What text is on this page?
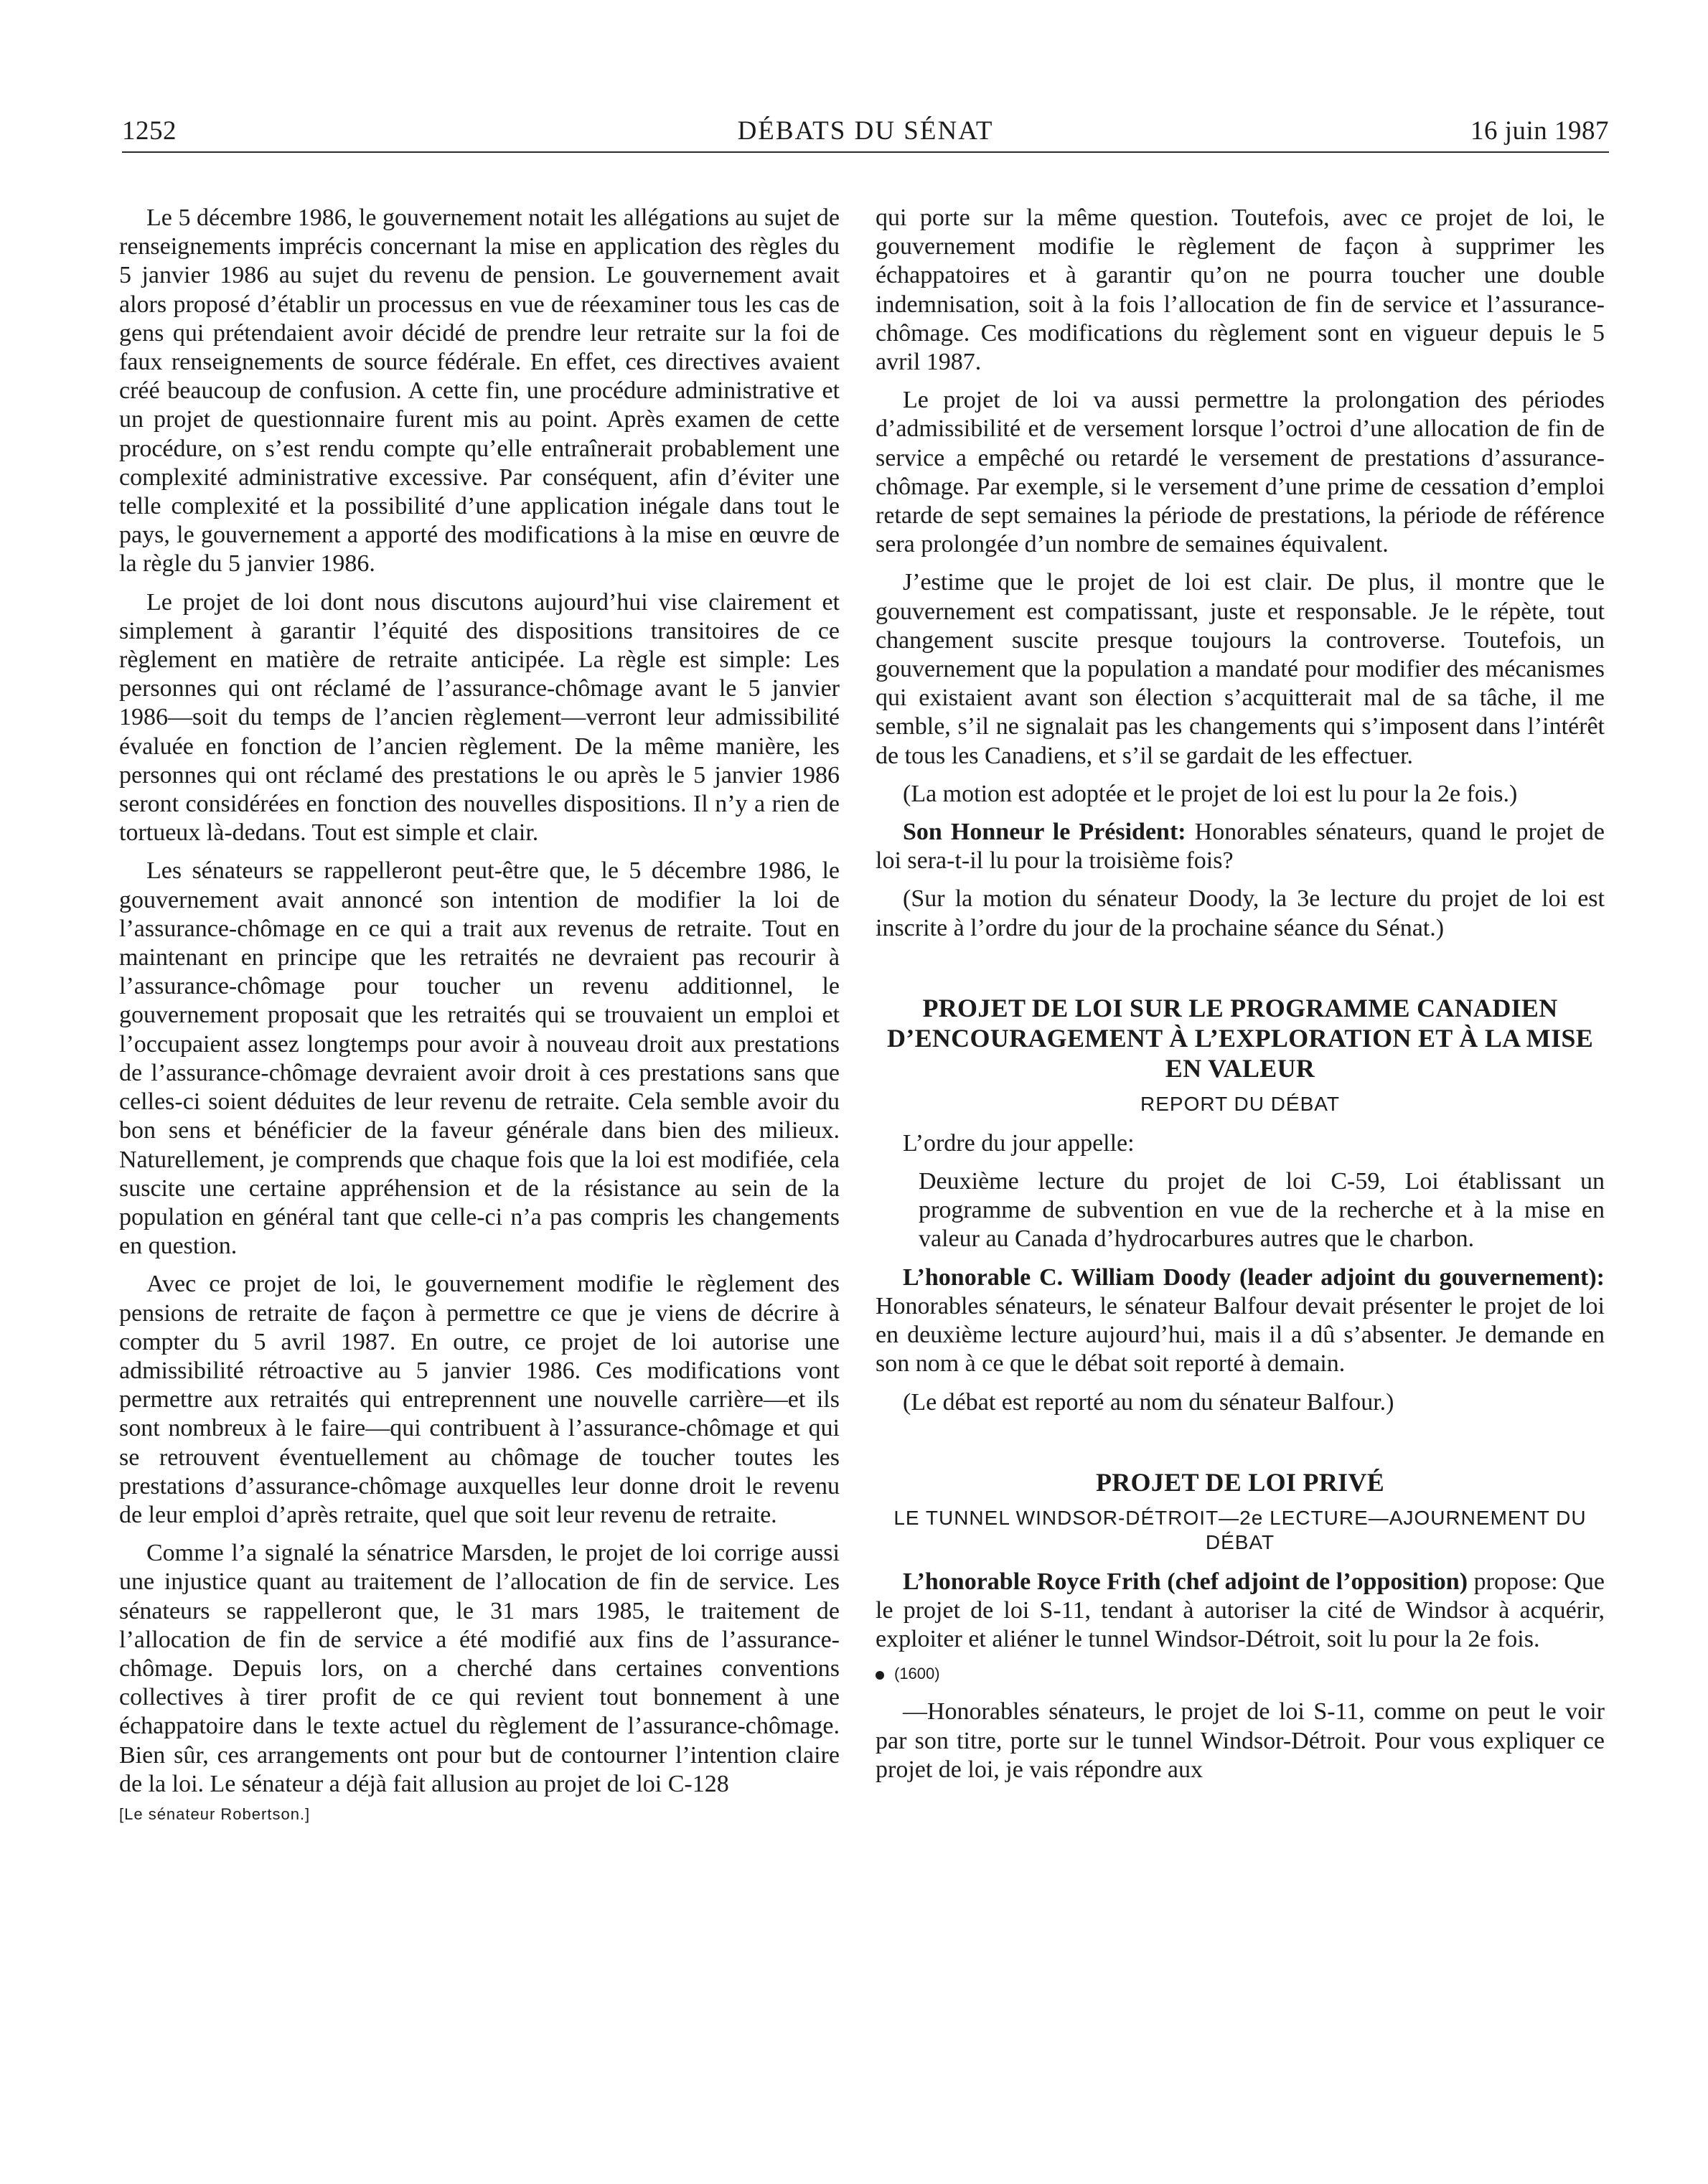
1252	DÉBATS DU SÉNAT	16 juin 1987

Le 5 décembre 1986, le gouvernement notait les allégations au sujet de renseignements imprécis concernant la mise en application des règles du 5 janvier 1986 au sujet du revenu de pension. Le gouvernement avait alors proposé d’établir un processus en vue de réexaminer tous les cas de gens qui prétendaient avoir décidé de prendre leur retraite sur la foi de faux renseignements de source fédérale. En effet, ces directives avaient créé beaucoup de confusion. A cette fin, une procédure administrative et un projet de questionnaire furent mis au point. Après examen de cette procédure, on s’est rendu compte qu’elle entraînerait probablement une complexité administrative excessive. Par conséquent, afin d’éviter une telle complexité et la possibilité d’une application inégale dans tout le pays, le gouvernement a apporté des modifications à la mise en œuvre de la règle du 5 janvier 1986.

Le projet de loi dont nous discutons aujourd’hui vise clairement et simplement à garantir l’équité des dispositions transitoires de ce règlement en matière de retraite anticipée. La règle est simple: Les personnes qui ont réclamé de l’assurance-chômage avant le 5 janvier 1986—soit du temps de l’ancien règlement—verront leur admissibilité évaluée en fonction de l’ancien règlement. De la même manière, les personnes qui ont réclamé des prestations le ou après le 5 janvier 1986 seront considérées en fonction des nouvelles dispositions. Il n’y a rien de tortueux là-dedans. Tout est simple et clair.

Les sénateurs se rappelleront peut-être que, le 5 décembre 1986, le gouvernement avait annoncé son intention de modifier la loi de l’assurance-chômage en ce qui a trait aux revenus de retraite. Tout en maintenant en principe que les retraités ne devraient pas recourir à l’assurance-chômage pour toucher un revenu additionnel, le gouvernement proposait que les retraités qui se trouvaient un emploi et l’occupaient assez longtemps pour avoir à nouveau droit aux prestations de l’assurance-chômage devraient avoir droit à ces prestations sans que celles-ci soient déduites de leur revenu de retraite. Cela semble avoir du bon sens et bénéficier de la faveur générale dans bien des milieux. Naturellement, je comprends que chaque fois que la loi est modifiée, cela suscite une certaine appréhension et de la résistance au sein de la population en général tant que celle-ci n’a pas compris les changements en question.

Avec ce projet de loi, le gouvernement modifie le règlement des pensions de retraite de façon à permettre ce que je viens de décrire à compter du 5 avril 1987. En outre, ce projet de loi autorise une admissibilité rétroactive au 5 janvier 1986. Ces modifications vont permettre aux retraités qui entreprennent une nouvelle carrière—et ils sont nombreux à le faire—qui contribuent à l’assurance-chômage et qui se retrouvent éventuellement au chômage de toucher toutes les prestations d’assurance-chômage auxquelles leur donne droit le revenu de leur emploi d’après retraite, quel que soit leur revenu de retraite.

Comme l’a signalé la sénatrice Marsden, le projet de loi corrige aussi une injustice quant au traitement de l’allocation de fin de service. Les sénateurs se rappelleront que, le 31 mars 1985, le traitement de l’allocation de fin de service a été modifié aux fins de l’assurance-chômage. Depuis lors, on a cherché dans certaines conventions collectives à tirer profit de ce qui revient tout bonnement à une échappatoire dans le texte actuel du règlement de l’assurance-chômage. Bien sûr, ces arrangements ont pour but de contourner l’intention claire de la loi. Le sénateur a déjà fait allusion au projet de loi C-128

[Le sénateur Robertson.]

qui porte sur la même question. Toutefois, avec ce projet de loi, le gouvernement modifie le règlement de façon à supprimer les échappatoires et à garantir qu’on ne pourra toucher une double indemnisation, soit à la fois l’allocation de fin de service et l’assurance-chômage. Ces modifications du règlement sont en vigueur depuis le 5 avril 1987.

Le projet de loi va aussi permettre la prolongation des périodes d’admissibilité et de versement lorsque l’octroi d’une allocation de fin de service a empêché ou retardé le versement de prestations d’assurance-chômage. Par exemple, si le versement d’une prime de cessation d’emploi retarde de sept semaines la période de prestations, la période de référence sera prolongée d’un nombre de semaines équivalent.

J’estime que le projet de loi est clair. De plus, il montre que le gouvernement est compatissant, juste et responsable. Je le répète, tout changement suscite presque toujours la controverse. Toutefois, un gouvernement que la population a mandaté pour modifier des mécanismes qui existaient avant son élection s’acquitterait mal de sa tâche, il me semble, s’il ne signalait pas les changements qui s’imposent dans l’intérêt de tous les Canadiens, et s’il se gardait de les effectuer.

(La motion est adoptée et le projet de loi est lu pour la 2e fois.)

Son Honneur le Président: Honorables sénateurs, quand le projet de loi sera-t-il lu pour la troisième fois?

(Sur la motion du sénateur Doody, la 3e lecture du projet de loi est inscrite à l’ordre du jour de la prochaine séance du Sénat.)

PROJET DE LOI SUR LE PROGRAMME CANADIEN D’ENCOURAGEMENT À L’EXPLORATION ET À LA MISE EN VALEUR
REPORT DU DÉBAT

L’ordre du jour appelle:

Deuxième lecture du projet de loi C-59, Loi établissant un programme de subvention en vue de la recherche et à la mise en valeur au Canada d’hydrocarbures autres que le charbon.

L’honorable C. William Doody (leader adjoint du gouvernement): Honorables sénateurs, le sénateur Balfour devait présenter le projet de loi en deuxième lecture aujourd’hui, mais il a dû s’absenter. Je demande en son nom à ce que le débat soit reporté à demain.

(Le débat est reporté au nom du sénateur Balfour.)

PROJET DE LOI PRIVÉ
LE TUNNEL WINDSOR-DÉTROIT—2e LECTURE—AJOURNEMENT DU DÉBAT

L’honorable Royce Frith (chef adjoint de l’opposition) propose: Que le projet de loi S-11, tendant à autoriser la cité de Windsor à acquérir, exploiter et aliéner le tunnel Windsor-Détroit, soit lu pour la 2e fois.

(1600)

—Honorables sénateurs, le projet de loi S-11, comme on peut le voir par son titre, porte sur le tunnel Windsor-Détroit. Pour vous expliquer ce projet de loi, je vais répondre aux
